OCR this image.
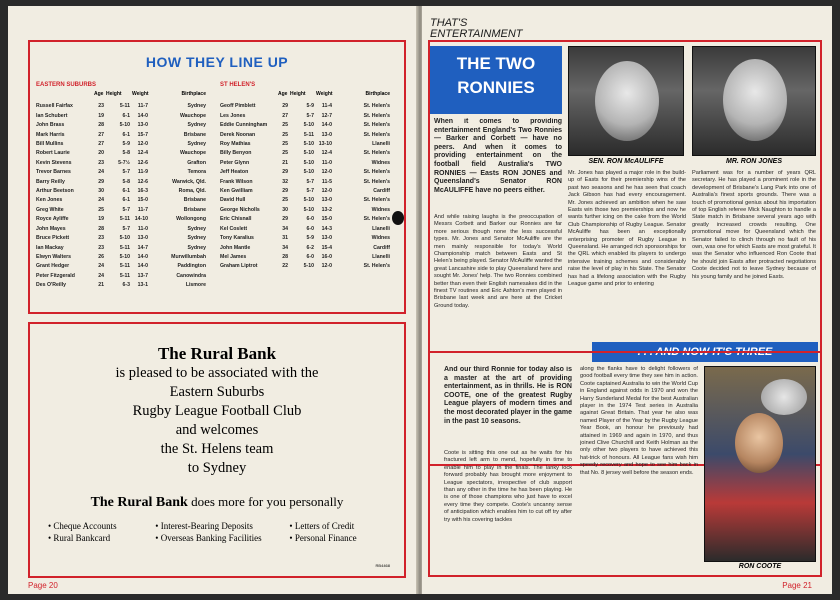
HOW THEY LINE UP
EASTERN SUBURBS
Age Height	Weight	Birthplace
Russell Fairfax	23	5-11	11-7	Sydney
Ian Schubert	19	6-1	14-0	Wauchope
John Brass	28	5-10	13-0	Sydney
Mark Harris	27	6-1	15-7	Brisbane
Bill Mullins	27	5-9	12-0	Sydney
Robert Laurie	20	5-8	12-4	Wauchope
Kevin Stevens	23	5-7½	12-6	Grafton
Trevor Barnes	24	5-7	11-9	Temora
Barry Reilly	29	5-8	12-6	Warwick, Qld.
Arthur Beetson	30	6-1	16-3	Roma, Qld.
Ken Jones	24	6-1	15-0	Brisbane
Greg White	25	5-7	11-7	Brisbane
Royce Ayliffe	19	5-11 14-10	Wollongong
John Mayes	28	5-7	11-0	Sydney
Bruce Pickett	23	5-10	13-0	Sydney
Ian Mackay	23	5-11	14-7	Sydney
Elwyn Walters	26	5-10	14-0	Murwillumbah
Grant Hedger	24	5-11	14-0	Paddington
Peter Fitzgerald	24	5-11	13-7	Canowindra
Des O'Reilly	21	6-3	13-1	Lismore
ST HELEN'S
Age Height	Weight	Birthplace
Geoff Pimblett	29	5-9	11-4	St. Helen's
Les Jones	27	5-7	12-7	St. Helen's
Eddie Cunningham	25	5-10	14-0	St. Helen's
Derek Noonan	25	5-11	13-0	St. Helen's
Roy Mathias	25	5-10 13-10	Llanelli
Billy Benyon	25	5-10	12-4	St. Helen's
Peter Glynn	21	5-10	11-0	Widnes
Jeff Heaton	29	5-10	12-0	St. Helen's
Frank Wilson	32	5-7	11-5	St. Helen's
Ken Gwilliam	29	5-7	12-0	Cardiff
David Hull	25	5-10	13-0	St. Helen's
George Nicholls	30	5-10	13-2	Widnes
Eric Chisnall	29	6-0	15-0	St. Helen's
Kel Coslett	34	6-0	14-3	Llanelli
Tony Karalius	31	5-9	13-0	Widnes
John Mantle	34	6-2	15-4	Cardiff
Mel James	28	6-0	16-0	Llanelli
Graham Liptrot	22	5-10	12-0	St. Helen's
The Rural Bank
is pleased to be associated with the
Eastern Suburbs
Rugby League Football Club
and welcomes
the St. Helens team
to Sydney
The Rural Bank does more for you personally
• Cheque Accounts	• Interest-Bearing Deposits	• Letters of Credit
• Rural Bankcard	• Overseas Banking Facilities	• Personal Finance
RB4468
Page 20
THAT'S
ENTERTAINMENT
THE TWO
RONNIES
SEN. RON McAULIFFE	MR. RON JONES
When it comes to providing entertainment England's Two Ronnies — Barker and Corbett — have no peers. And when it comes to providing entertainment on the football field Australia's TWO RONNIES — Easts RON JONES and Queensland's Senator RON McAULIFFE have no peers either.
And while raising laughs is the preoccupation of Messrs Corbett and Barker our Ronnies are far more serious though none the less successful types. Mr. Jones and Senator McAuliffe are the men mainly responsible for today's World Championship match between Easts and St Helen's being played. Senator McAuliffe wanted the great Lancashire side to play Queensland here and sought Mr. Jones' help. The two Ronnies combined better than even their English namesakes did in the finest TV routines and Eric Ashton's men played in Brisbane last week and are here at the Cricket Ground today.
Mr. Jones has played a major role in the build-up of Easts for their premiership wins of the past two seasons and he has seen that coach Jack Gibson has had every encouragement. Mr. Jones achieved an ambition when he saw Easts win those two premierships and now he wants further icing on the cake from the World Club Championship of Rugby League. Senator McAuliffe has been an exceptionally enterprising promoter of Rugby League in Queensland. He arranged rich sponsorships for the QRL which enabled its players to undergo intensive training schemes and considerably raise the level of play in his State. The Senator has had a lifelong association with the Rugby League game and prior to entering
Parliament was for a number of years QRL secretary. He has played a prominent role in the development of Brisbane's Lang Park into one of Australia's finest sports grounds. There was a touch of promotional genius about his importation of top English referee Mick Naughton to handle a State match in Brisbane several years ago with greatly increased crowds resulting. One promotional move for Queensland which the Senator failed to clinch through no fault of his own, was one for which Easts are most grateful. It was the Senator who influenced Ron Coote that he should join Easts after protracted negotiations Coote decided not to leave Sydney because of his young family and he joined Easts.
. . . AND NOW IT'S THREE
And our third Ronnie for today also is a master at the art of providing entertainment, as in thrills. He is RON COOTE, one of the greatest Rugby League players of modern times and the most decorated player in the game in the past 10 seasons.
Coote is sitting this one out as he waits for his fractured left arm to mend, hopefully in time to enable him to play in the finals. The lanky lock forward probably has brought more enjoyment to League spectators, irrespective of club support than any other in the time he has been playing. He is one of those champions who just have to excel every time they compete. Coote's uncanny sense of anticipation which enables him to cut off try after try with his covering tackles
along the flanks have to delight followers of good football every time they see him in action. Coote captained Australia to win the World Cup in England against odds in 1970 and won the Harry Sunderland Medal for the best Australian player in the 1974 Test series in Australia against Great Britain. That year he also was named Player of the Year by the Rugby League Year Book, an honour he previously had attained in 1969 and again in 1970, and thus joined Clive Churchill and Keith Holman as the only other two players to have achieved this hat-trick of honours. All League fans wish him speedy recovery and hope to see him back in that No. 8 jersey well before the season ends.
RON COOTE
Page 21
